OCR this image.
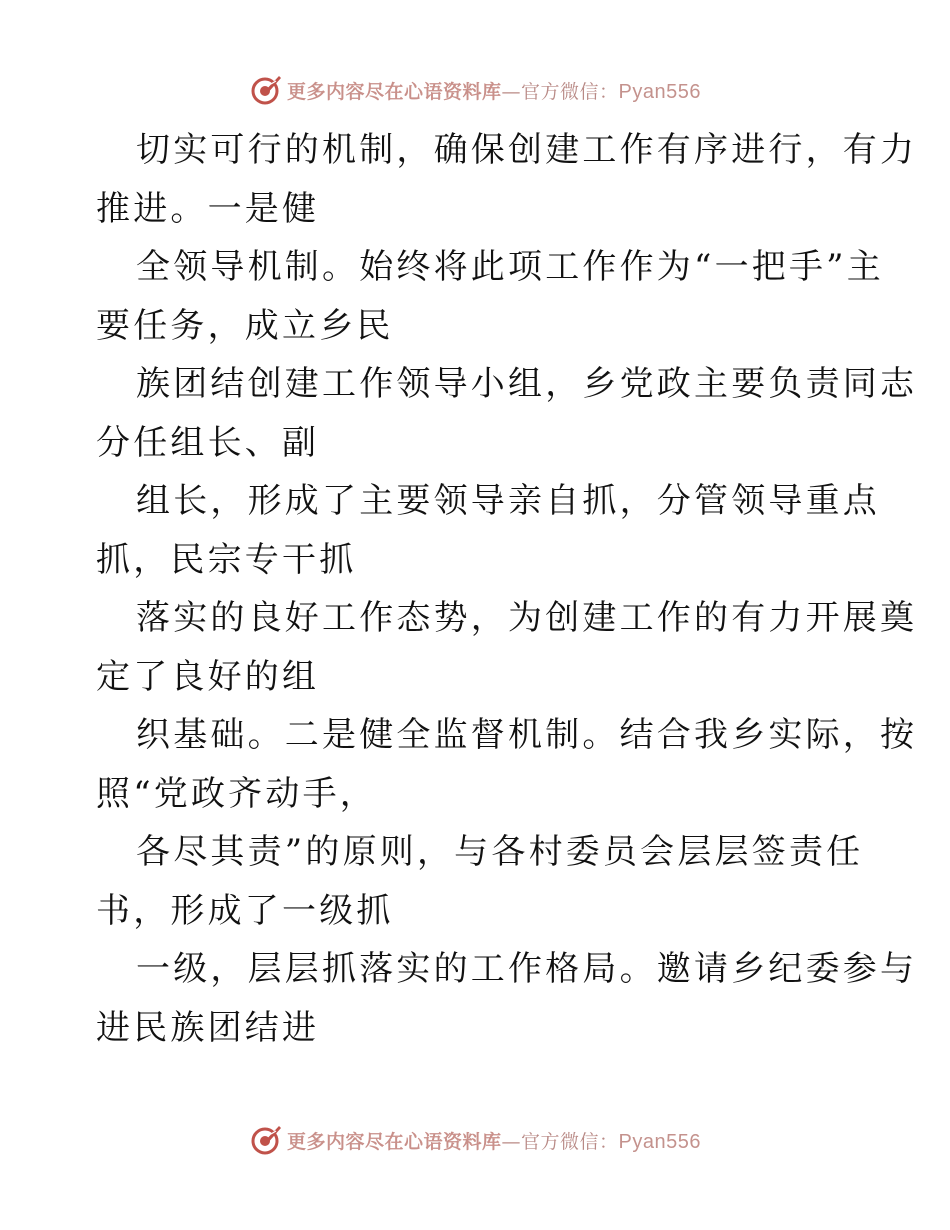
更多内容尽在心语资料库—官方微信：Pyan556
切实可行的机制，确保创建工作有序进行，有力
推进。一是健
全领导机制。始终将此项工作作为“一把手”主
要任务，成立乡民
族团结创建工作领导小组，乡党政主要负责同志
分任组长、副
组长，形成了主要领导亲自抓，分管领导重点
抓，民宗专干抓
落实的良好工作态势，为创建工作的有力开展奠
定了良好的组
织基础。二是健全监督机制。结合我乡实际，按
照“党政齐动手，
各尽其责”的原则，与各村委员会层层签责任
书，形成了一级抓
一级，层层抓落实的工作格局。邀请乡纪委参与
进民族团结进
更多内容尽在心语资料库—官方微信：Pyan556
